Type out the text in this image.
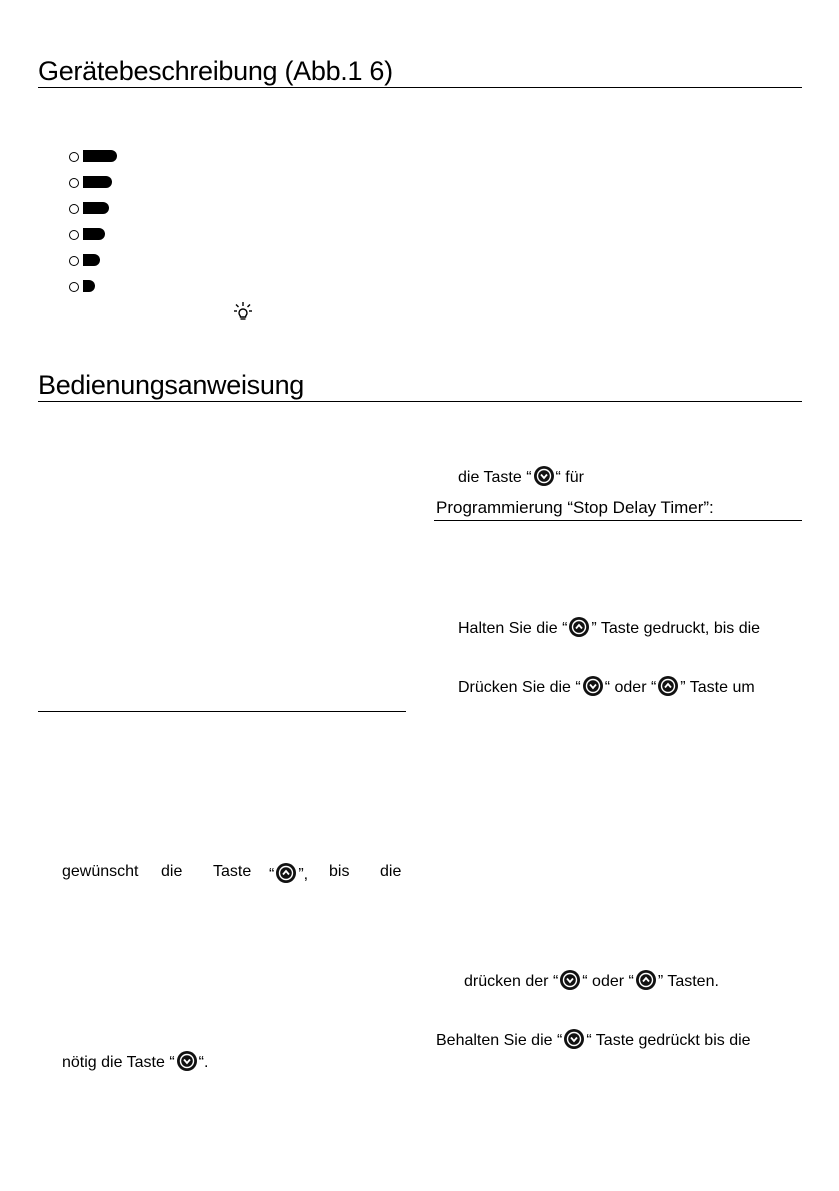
Gerätebeschreibung (Abb.1 6)
Bedienungsanweisung
die Taste “ “ für
Programmierung “Stop Delay Timer”:
Halten Sie die “ ” Taste gedruckt, bis die
Drücken Sie die “ “ oder “ ” Taste um
drücken der “ “ oder “ ” Tasten.
Behalten Sie die “ “ Taste gedrückt bis die
gewünscht die Taste “ ”, bis die
nötig die Taste “ “.
